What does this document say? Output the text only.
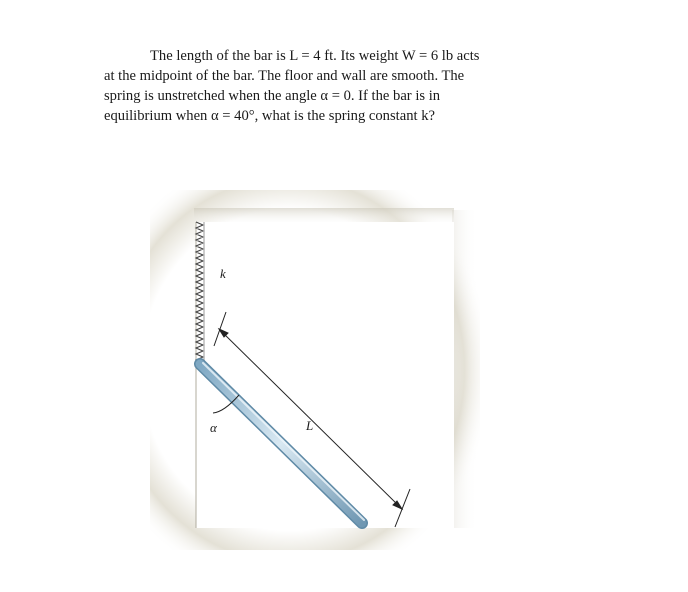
The length of the bar is L = 4 ft. Its weight W = 6 lb acts
at the midpoint of the bar. The floor and wall are smooth. The
spring is unstretched when the angle α = 0. If the bar is in
equilibrium when α = 40°, what is the spring constant k?
k
α	L
